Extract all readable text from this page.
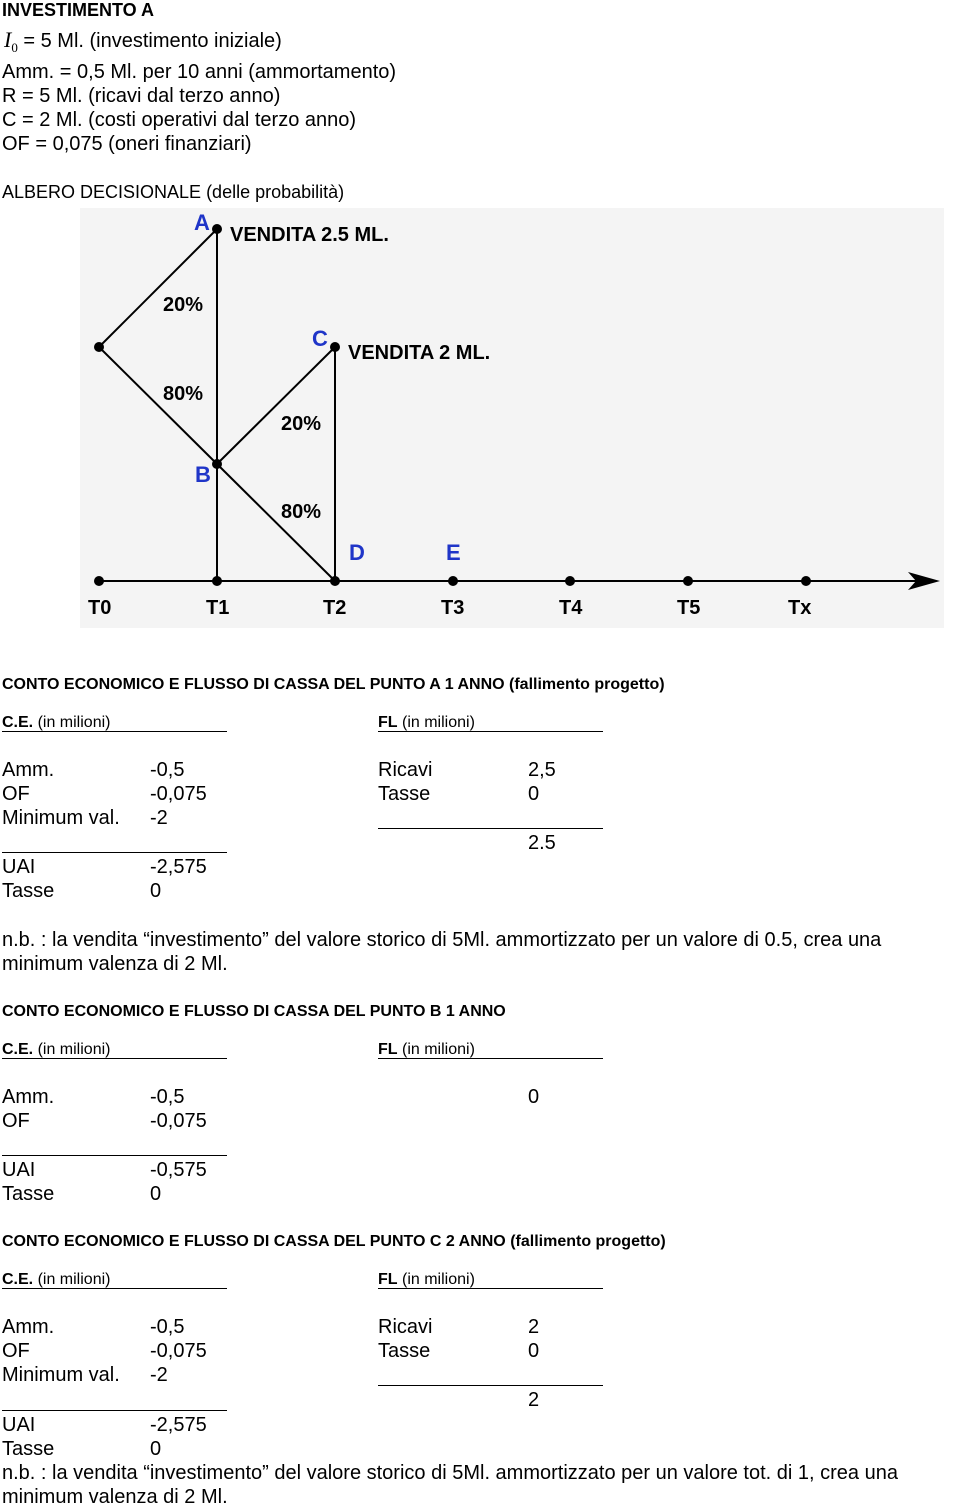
INVESTIMENTO A
$I_0 = 5$ Ml. (investimento iniziale)
Amm. = 0,5 Ml. per 10 anni (ammortamento)
R = 5 Ml. (ricavi dal terzo anno)
C = 2 Ml. (costi operativi dal terzo anno)
OF = 0,075 (oneri finanziari)
ALBERO DECISIONALE (delle probabilità)
A
B
C
D	E
VENDITA 2.5 ML.
VENDITA 2 ML.
20%
80%
20%
80%
T0	T1	T2	T3	T4	T5	Tx
CONTO ECONOMICO E FLUSSO DI CASSA DEL PUNTO A 1 ANNO (fallimento progetto)
C.E. (in milioni)	FL (in milioni)
Amm.	-0,5
OF	-0,075
Minimum val. -2
UAI	-2,575
Tasse	0
Ricavi	2,5
Tasse	0
2.5
n.b. : la vendita “investimento” del valore storico di 5Ml. ammortizzato per un valore di 0.5, crea una
minimum valenza di 2 Ml.
CONTO ECONOMICO E FLUSSO DI CASSA DEL PUNTO B 1 ANNO
C.E. (in milioni)	FL (in milioni)
Amm.	-0,5	0
OF	-0,075
UAI	-0,575
Tasse	0
CONTO ECONOMICO E FLUSSO DI CASSA DEL PUNTO C 2 ANNO (fallimento progetto)
C.E. (in milioni)	FL (in milioni)
Amm.	-0,5
OF	-0,075
Minimum val. -2
UAI	-2,575
Tasse	0
Ricavi	2
Tasse	0
2
n.b. : la vendita “investimento” del valore storico di 5Ml. ammortizzato per un valore tot. di 1, crea una
minimum valenza di 2 Ml.
